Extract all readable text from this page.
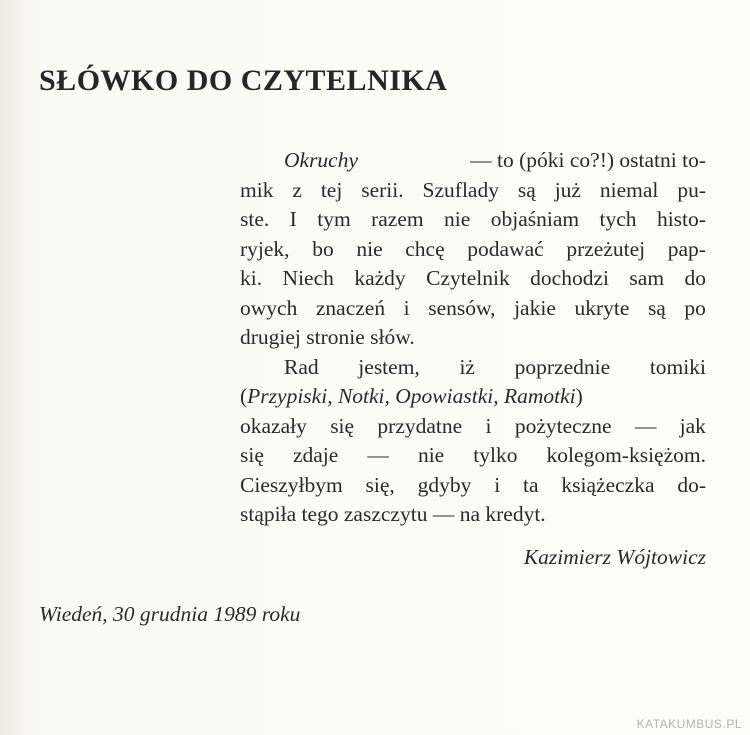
SŁÓWKO DO CZYTELNIKA
Okruchy	— to (póki co?!) ostatni to-
mik z tej serii. Szuflady są już niemal pu-
ste. I tym razem nie objaśniam tych histo-
ryjek, bo nie chcę podawać przeżutej pap-
ki. Niech każdy Czytelnik dochodzi sam do
owych znaczeń i sensów, jakie ukryte są po
drugiej stronie słów.
Rad jestem, iż poprzednie tomiki
(Przypiski, Notki, Opowiastki, Ramotki)
okazały się przydatne i pożyteczne — jak
się zdaje — nie tylko kolegom-księżom.
Cieszyłbym się, gdyby i ta książeczka do-
stąpiła tego zaszczytu — na kredyt.
Kazimierz Wójtowicz
Wiedeń, 30 grudnia 1989 roku
KATAKUMBUS.PL
